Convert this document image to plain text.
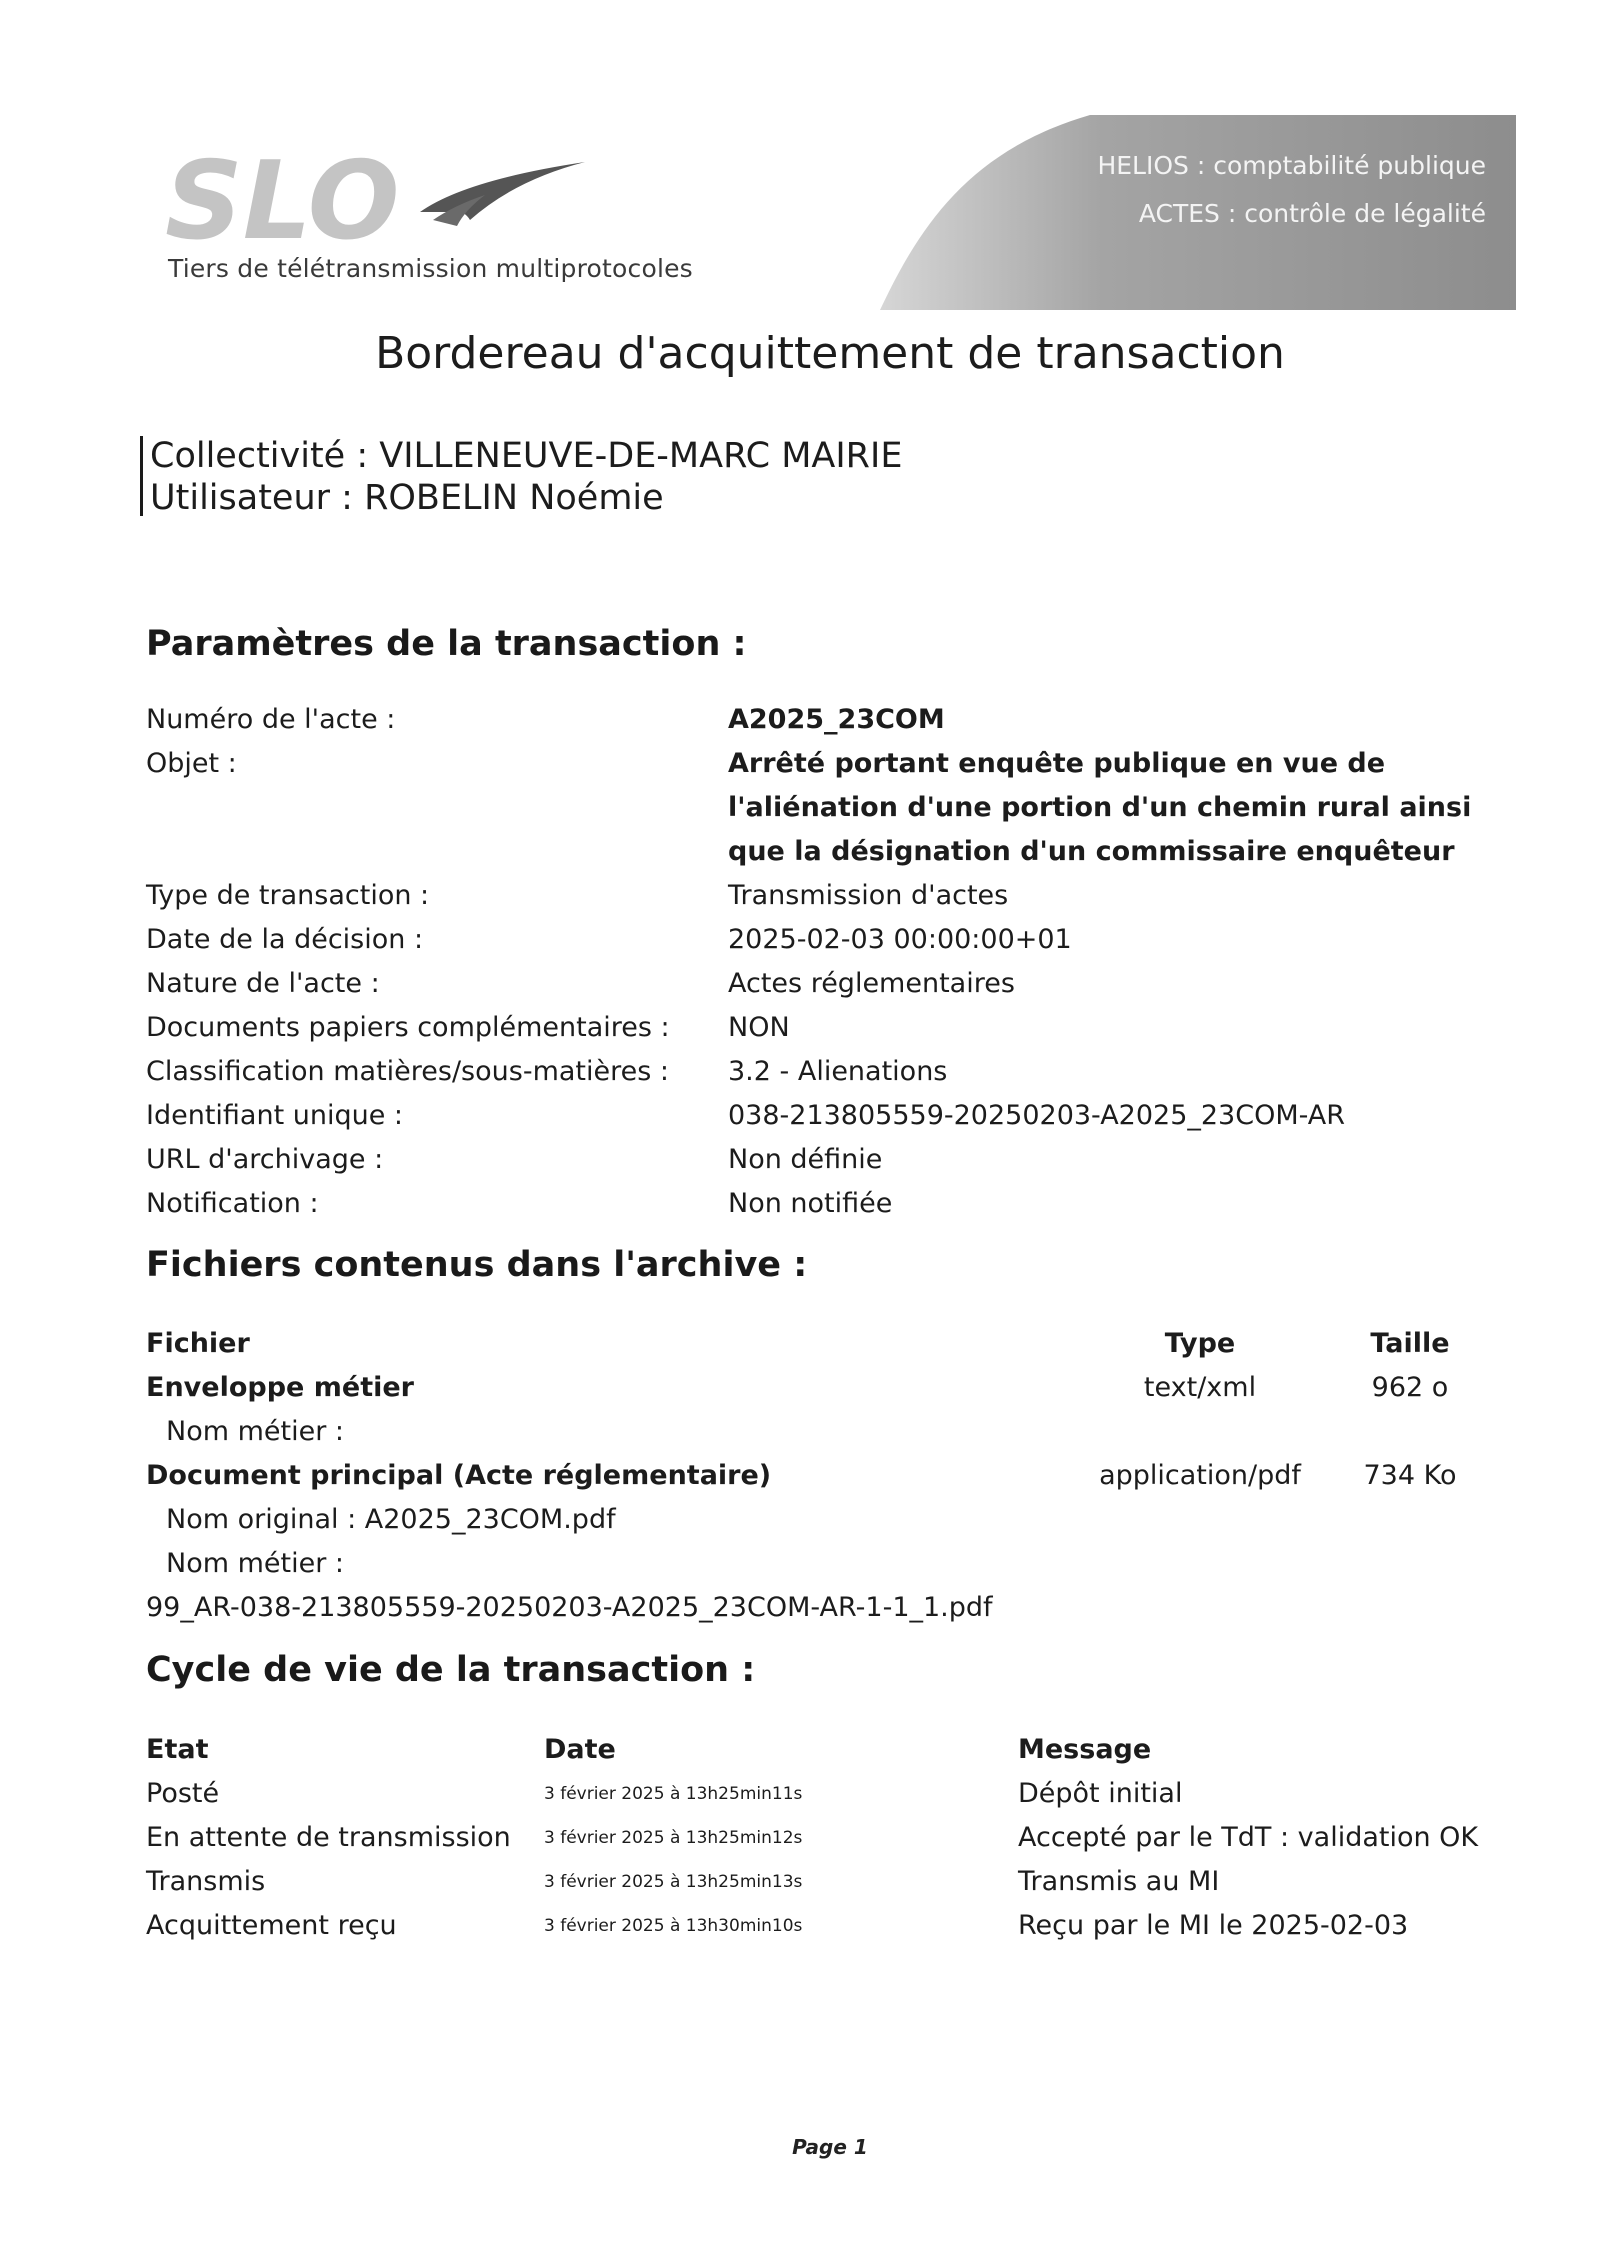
SLO
Tiers de télétransmission multiprotocoles
HELIOS : comptabilité publique
ACTES : contrôle de légalité
Bordereau d'acquittement de transaction
Collectivité : VILLENEUVE-DE-MARC MAIRIE
Utilisateur : ROBELIN Noémie
Paramètres de la transaction :
Numéro de l'acte :	A2025_23COM
Objet :	Arrêté portant enquête publique en vue de l'aliénation d'une portion d'un chemin rural ainsi que la désignation d'un commissaire enquêteur
Type de transaction :	Transmission d'actes
Date de la décision :	2025-02-03 00:00:00+01
Nature de l'acte :	Actes réglementaires
Documents papiers complémentaires : NON
Classification matières/sous-matières : 3.2 - Alienations
Identifiant unique :	038-213805559-20250203-A2025_23COM-AR
URL d'archivage :	Non définie
Notification :	Non notifiée
Fichiers contenus dans l'archive :
Fichier	Type	Taille
Enveloppe métier	text/xml	962 o
Nom métier :
Document principal (Acte réglementaire)	application/pdf	734 Ko
Nom original : A2025_23COM.pdf
Nom métier :
99_AR-038-213805559-20250203-A2025_23COM-AR-1-1_1.pdf
Cycle de vie de la transaction :
Etat	Date	Message
Posté	3 février 2025 à 13h25min11s	Dépôt initial
En attente de transmission 3 février 2025 à 13h25min12s	Accepté par le TdT : validation OK
Transmis	3 février 2025 à 13h25min13s	Transmis au MI
Acquittement reçu	3 février 2025 à 13h30min10s	Reçu par le MI le 2025-02-03
Page 1
